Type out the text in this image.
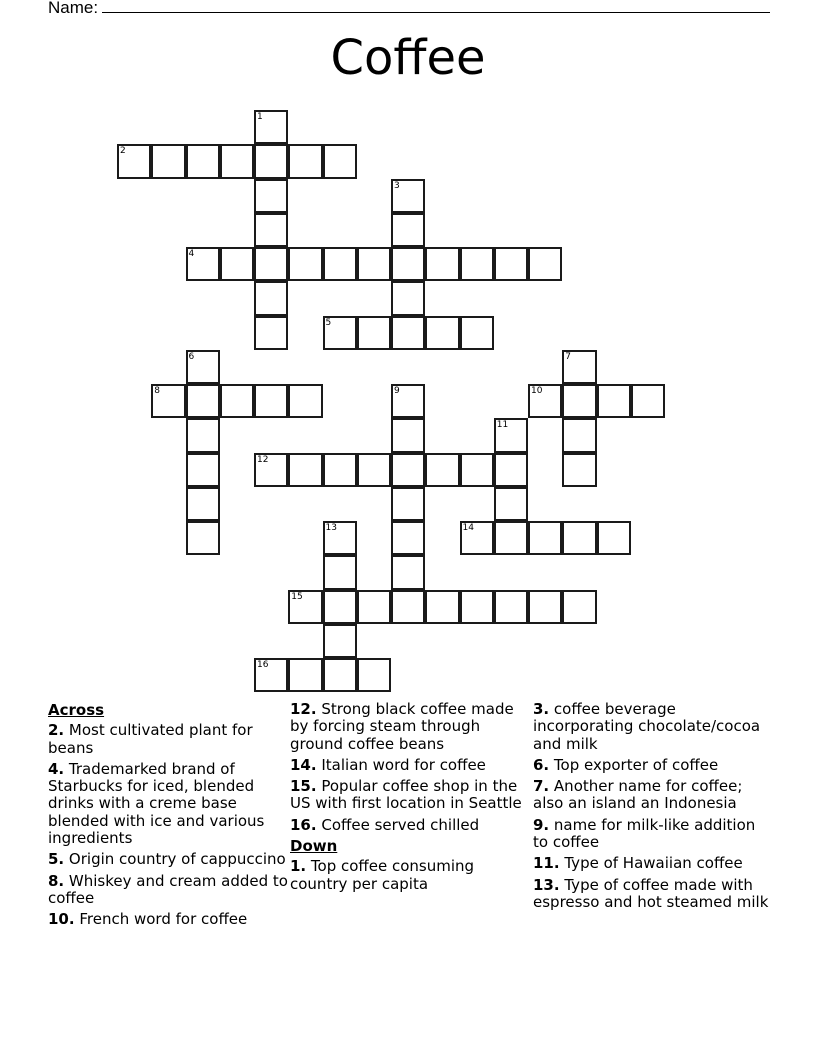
Name:
Coffee
1
2
3
4
5
6	7
8	9	10
11
12
13	14
15
16
Across
2. Most cultivated plant for beans
4. Trademarked brand of Starbucks for iced, blended drinks with a creme base blended with ice and various ingredients
5. Origin country of cappuccino
8. Whiskey and cream added to coffee
10. French word for coffee
12. Strong black coffee made by forcing steam through ground coffee beans
14. Italian word for coffee
15. Popular coffee shop in the US with first location in Seattle
16. Coffee served chilled
Down
1. Top coffee consuming country per capita
3. coffee beverage incorporating chocolate/cocoa and milk
6. Top exporter of coffee
7. Another name for coffee; also an island an Indonesia
9. name for milk-like addition to coffee
11. Type of Hawaiian coffee
13. Type of coffee made with espresso and hot steamed milk
